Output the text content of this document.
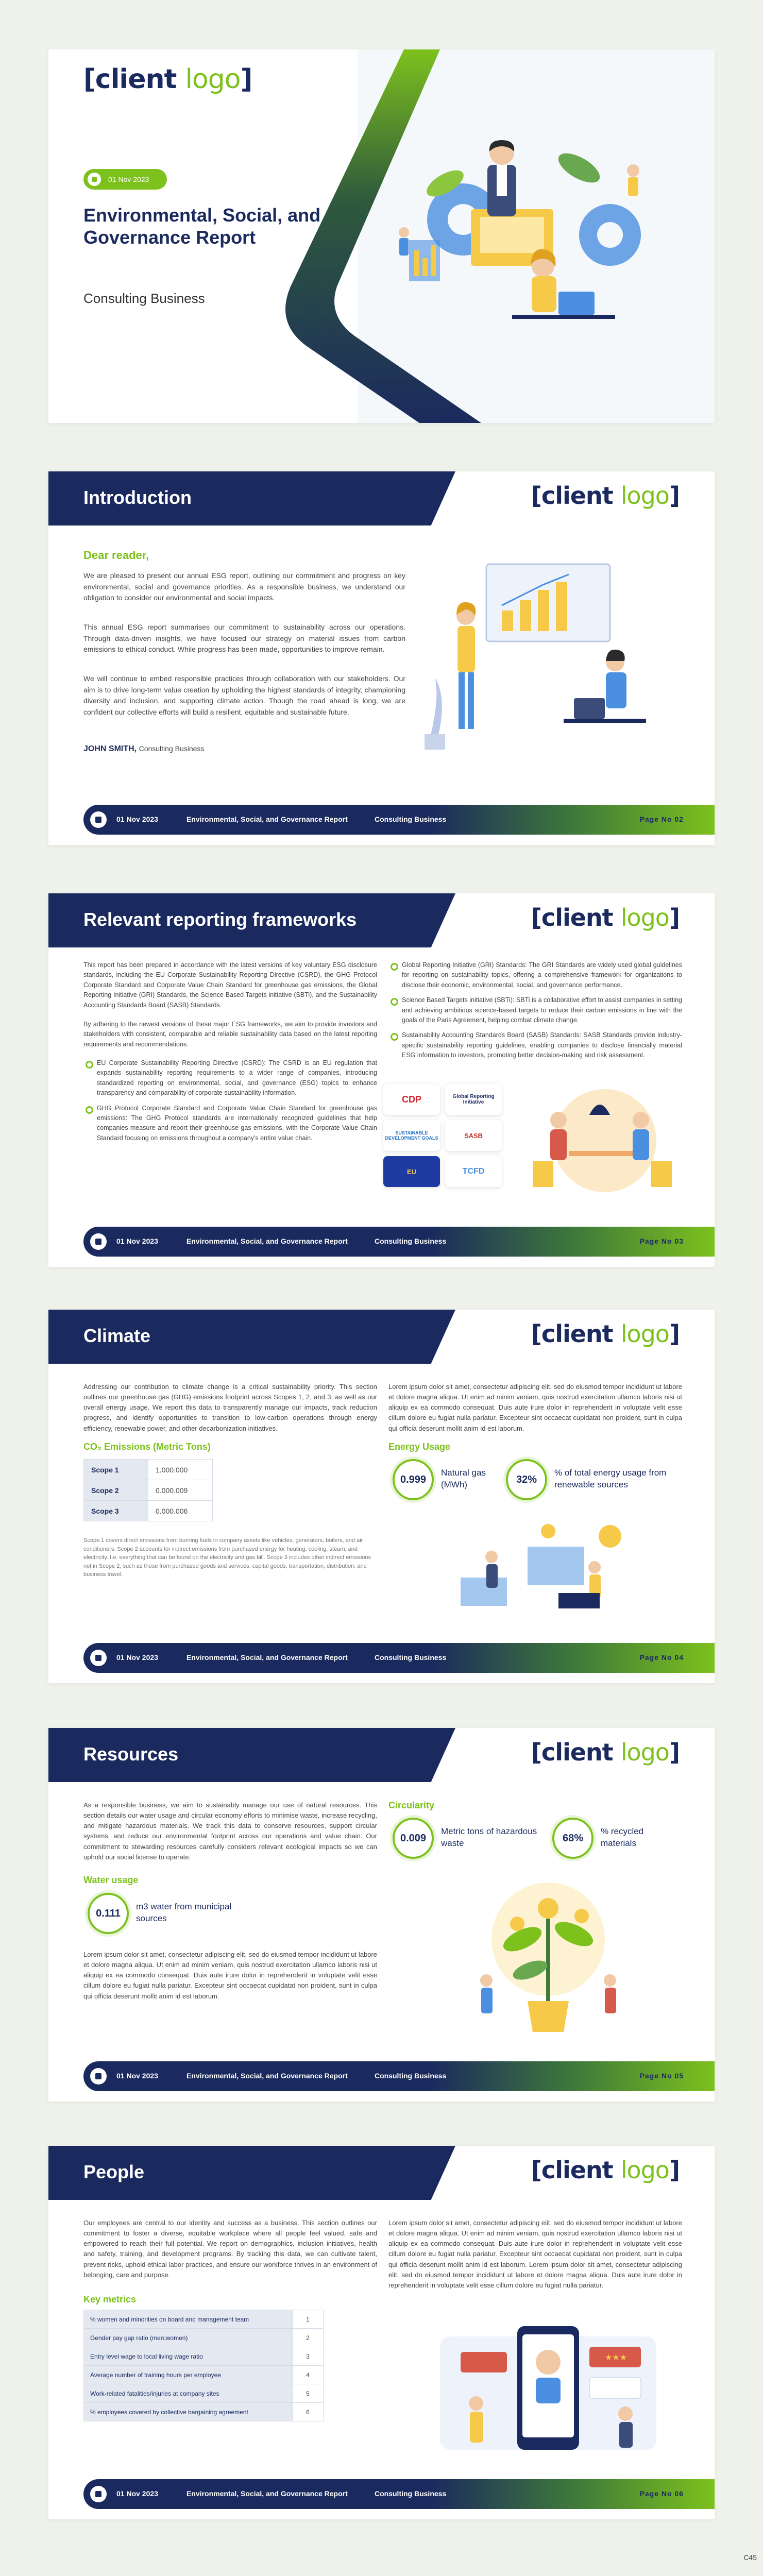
[client logo]
01 Nov 2023
Environmental, Social, and Governance Report
Consulting Business
Introduction	[client logo]
Dear reader,
We are pleased to present our annual ESG report, outlining our commitment and progress on key environmental, social and governance priorities. As a responsible business, we understand our obligation to consider our environmental and social impacts.
This annual ESG report summarises our commitment to sustainability across our operations. Through data-driven insights, we have focused our strategy on material issues from carbon emissions to ethical conduct. While progress has been made, opportunities to improve remain.
We will continue to embed responsible practices through collaboration with our stakeholders. Our aim is to drive long-term value creation by upholding the highest standards of integrity, championing diversity and inclusion, and supporting climate action. Though the road ahead is long, we are confident our collective efforts will build a resilient, equitable and sustainable future.
JOHN SMITH, Consulting Business
01 Nov 2023	Environmental, Social, and Governance Report	Consulting Business	Page No 02
Relevant reporting frameworks	[client logo]
This report has been prepared in accordance with the latest versions of key voluntary ESG disclosure standards, including the EU Corporate Sustainability Reporting Directive (CSRD), the GHG Protocol Corporate Standard and Corporate Value Chain Standard for greenhouse gas emissions, the Global Reporting Initiative (GRI) Standards, the Science Based Targets initiative (SBTi), and the Sustainability Accounting Standards Board (SASB) Standards.
By adhering to the newest versions of these major ESG frameworks, we aim to provide investors and stakeholders with consistent, comparable and reliable sustainability data based on the latest reporting requirements and recommendations.
EU Corporate Sustainability Reporting Directive (CSRD): The CSRD is an EU regulation that expands sustainability reporting requirements to a wider range of companies, introducing standardized reporting on environmental, social, and governance (ESG) topics to enhance transparency and comparability of corporate sustainability information.
GHG Protocol Corporate Standard and Corporate Value Chain Standard for greenhouse gas emissions: The GHG Protocol standards are internationally recognized guidelines that help companies measure and report their greenhouse gas emissions, with the Corporate Value Chain Standard focusing on emissions throughout a company's entire value chain.
Global Reporting Initiative (GRI) Standards: The GRI Standards are widely used global guidelines for reporting on sustainability topics, offering a comprehensive framework for organizations to disclose their economic, environmental, social, and governance performance.
Science Based Targets initiative (SBTi): SBTi is a collaborative effort to assist companies in setting and achieving ambitious science-based targets to reduce their carbon emissions in line with the goals of the Paris Agreement, helping combat climate change.
Sustainability Accounting Standards Board (SASB) Standards: SASB Standards provide industry-specific sustainability reporting guidelines, enabling companies to disclose financially material ESG information to investors, promoting better decision-making and risk assessment.
CDP	Global Reporting Initiative
SUSTAINABLE DEVELOPMENT GOALS	SASB
EU	TCFD
01 Nov 2023	Environmental, Social, and Governance Report	Consulting Business	Page No 03
Climate	[client logo]
Addressing our contribution to climate change is a critical sustainability priority. This section outlines our greenhouse gas (GHG) emissions footprint across Scopes 1, 2, and 3, as well as our overall energy usage. We report this data to transparently manage our impacts, track reduction progress, and identify opportunities to transition to low-carbon operations through energy efficiency, renewable power, and other decarbonization initiatives.
CO₂ Emissions (Metric Tons)
Scope 1	1.000.000
Scope 2	0.000.009
Scope 3	0.000.006
Scope 1 covers direct emissions from burning fuels in company assets like vehicles, generators, boilers, and air conditioners. Scope 2 accounts for indirect emissions from purchased energy for heating, cooling, steam, and electricity. I.e. everything that can be found on the electricity and gas bill. Scope 3 includes other indirect emissions not in Scope 2, such as those from purchased goods and services, capital goods, transportation, distribution, and business travel.
Lorem ipsum dolor sit amet, consectetur adipiscing elit, sed do eiusmod tempor incididunt ut labore et dolore magna aliqua. Ut enim ad minim veniam, quis nostrud exercitation ullamco laboris nisi ut aliquip ex ea commodo consequat. Duis aute irure dolor in reprehenderit in voluptate velit esse cillum dolore eu fugiat nulla pariatur. Excepteur sint occaecat cupidatat non proident, sunt in culpa qui officia deserunt mollit anim id est laborum.
Energy Usage
0.999
Natural gas (MWh)	32%
% of total energy usage from renewable sources
01 Nov 2023	Environmental, Social, and Governance Report	Consulting Business	Page No 04
Resources	[client logo]
As a responsible business, we aim to sustainably manage our use of natural resources. This section details our water usage and circular economy efforts to minimise waste, increase recycling, and mitigate hazardous materials. We track this data to conserve resources, support circular systems, and reduce our environmental footprint across our operations and value chain. Our commitment to stewarding resources carefully considers relevant ecological impacts so we can uphold our social license to operate.
Water usage
0.111
m3 water from municipal sources
Lorem ipsum dolor sit amet, consectetur adipiscing elit, sed do eiusmod tempor incididunt ut labore et dolore magna aliqua. Ut enim ad minim veniam, quis nostrud exercitation ullamco laboris nisi ut aliquip ex ea commodo consequat. Duis aute irure dolor in reprehenderit in voluptate velit esse cillum dolore eu fugiat nulla pariatur. Excepteur sint occaecat cupidatat non proident, sunt in culpa qui officia deserunt mollit anim id est laborum.
Circularity
0.009
Metric tons of hazardous waste	68%
% recycled materials
01 Nov 2023	Environmental, Social, and Governance Report	Consulting Business	Page No 05
People	[client logo]
Our employees are central to our identity and success as a business. This section outlines our commitment to foster a diverse, equitable workplace where all people feel valued, safe and empowered to reach their full potential. We report on demographics, inclusion initiatives, health and safety, training, and development programs. By tracking this data, we can cultivate talent, prevent risks, uphold ethical labor practices, and ensure our workforce thrives in an environment of belonging, care and purpose.
Key metrics
% women and minorities on board and management team	1
Gender pay gap ratio (men:women)	2
Entry level wage to local living wage ratio	3
Average number of training hours per employee	4
Work-related fatalities/injuries at company sites	5
% employees covered by collective bargaining agreement	6
Lorem ipsum dolor sit amet, consectetur adipiscing elit, sed do eiusmod tempor incididunt ut labore et dolore magna aliqua. Ut enim ad minim veniam, quis nostrud exercitation ullamco laboris nisi ut aliquip ex ea commodo consequat. Duis aute irure dolor in reprehenderit in voluptate velit esse cillum dolore eu fugiat nulla pariatur. Excepteur sint occaecat cupidatat non proident, sunt in culpa qui officia deserunt mollit anim id est laborum. Lorem ipsum dolor sit amet, consectetur adipiscing elit, sed do eiusmod tempor incididunt ut labore et dolore magna aliqua. Duis aute irure dolor in reprehenderit in voluptate velit esse cillum dolore eu fugiat nulla pariatur.
★★★
01 Nov 2023	Environmental, Social, and Governance Report	Consulting Business	Page No 06
C45
